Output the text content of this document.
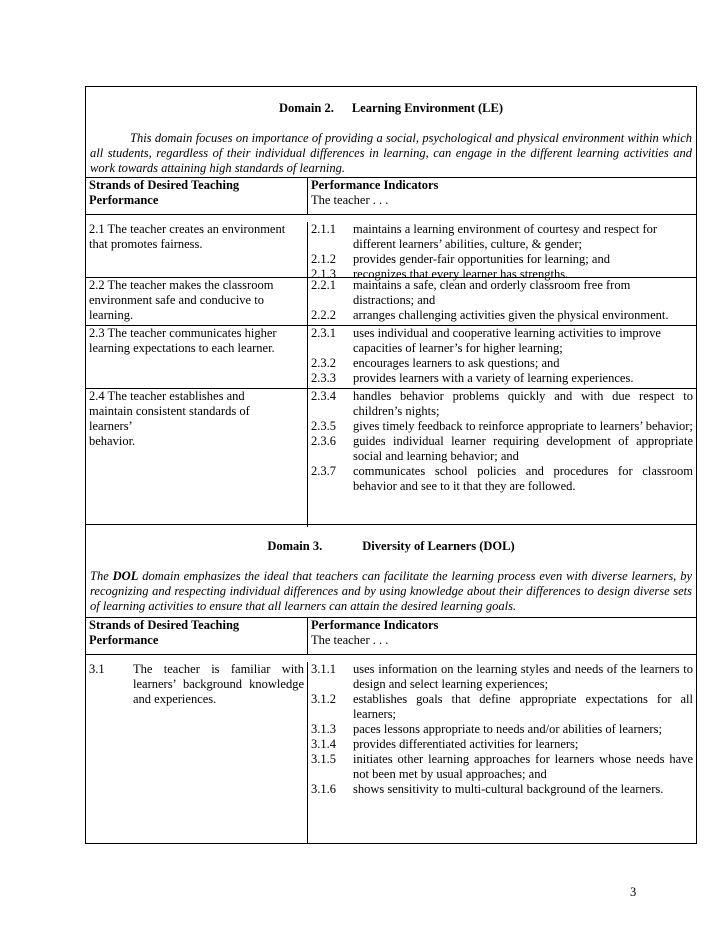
Domain 2. Learning Environment (LE)
This domain focuses on importance of providing a social, psychological and physical environment within which all students, regardless of their individual differences in learning, can engage in the different learning activities and work towards attaining high standards of learning.
Strands of Desired Teaching
Performance
Performance Indicators
The teacher . . .
2.1 The teacher creates an environment that promotes fairness.
2.1.1	maintains a learning environment of courtesy and respect for different learners’ abilities, culture, & gender;
2.1.2	provides gender-fair opportunities for learning; and
2.1.3	recognizes that every learner has strengths.
2.2 The teacher makes the classroom environment safe and conducive to learning.
2.2.1	maintains a safe, clean and orderly classroom free from distractions; and
2.2.2	arranges challenging activities given the physical environment.
2.3 The teacher communicates higher learning expectations to each learner.
2.3.1	uses individual and cooperative learning activities to improve capacities of learner’s for higher learning;
2.3.2	encourages learners to ask questions; and
2.3.3	provides learners with a variety of learning experiences.
2.4 The teacher establishes and
maintain consistent standards of
learners’
behavior.
2.3.4	handles behavior problems quickly and with due respect to children’s nights;
2.3.5	gives timely feedback to reinforce appropriate to learners’ behavior;
2.3.6	guides individual learner requiring development of appropriate social and learning behavior; and
2.3.7	communicates school policies and procedures for classroom behavior and see to it that they are followed.
Domain 3.	Diversity of Learners (DOL)
The DOL domain emphasizes the ideal that teachers can facilitate the learning process even with diverse learners, by recognizing and respecting individual differences and by using knowledge about their differences to design diverse sets of learning activities to ensure that all learners can attain the desired learning goals.
Strands of Desired Teaching
Performance
Performance Indicators
The teacher . . .
3.1	The teacher is familiar with learners’ background knowledge and experiences.
3.1.1	uses information on the learning styles and needs of the learners to design and select learning experiences;
3.1.2	establishes goals that define appropriate expectations for all learners;
3.1.3	paces lessons appropriate to needs and/or abilities of learners;
3.1.4	provides differentiated activities for learners;
3.1.5	initiates other learning approaches for learners whose needs have not been met by usual approaches; and
3.1.6	shows sensitivity to multi-cultural background of the learners.
3
